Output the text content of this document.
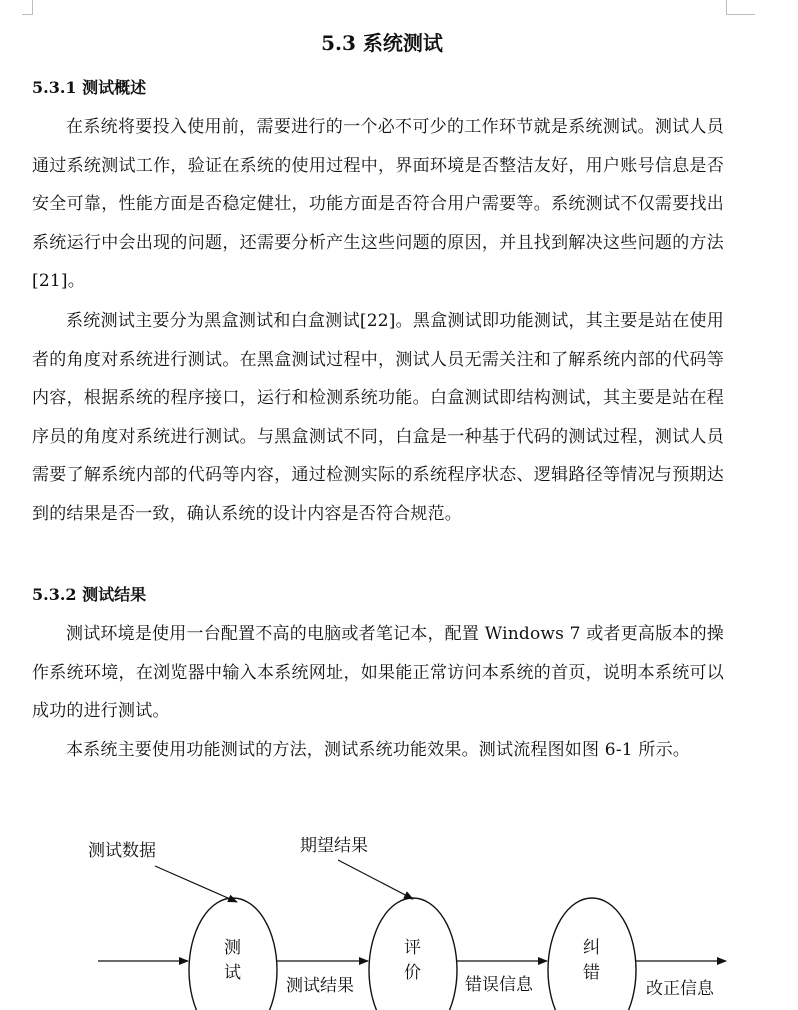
5.3 系统测试
5.3.1 测试概述

在系统将要投入使用前，需要进行的一个必不可少的工作环节就是系统测试。测试人员通过系统测试工作，验证在系统的使用过程中，界面环境是否整洁友好，用户账号信息是否安全可靠，性能方面是否稳定健壮，功能方面是否符合用户需要等。系统测试不仅需要找出系统运行中会出现的问题，还需要分析产生这些问题的原因，并且找到解决这些问题的方法[21]。

系统测试主要分为黑盒测试和白盒测试[22]。黑盒测试即功能测试，其主要是站在使用者的角度对系统进行测试。在黑盒测试过程中，测试人员无需关注和了解系统内部的代码等内容，根据系统的程序接口，运行和检测系统功能。白盒测试即结构测试，其主要是站在程序员的角度对系统进行测试。与黑盒测试不同，白盒是一种基于代码的测试过程，测试人员需要了解系统内部的代码等内容，通过检测实际的系统程序状态、逻辑路径等情况与预期达到的结果是否一致，确认系统的设计内容是否符合规范。

5.3.2 测试结果

测试环境是使用一台配置不高的电脑或者笔记本，配置 Windows 7 或者更高版本的操作系统环境，在浏览器中输入本系统网址，如果能正常访问本系统的首页，说明本系统可以成功的进行测试。

本系统主要使用功能测试的方法，测试系统功能效果。测试流程图如图 6-1 所示。

测试数据	期望结果
测
试
评
价
纠
错
测试结果	错误信息	改正信息
